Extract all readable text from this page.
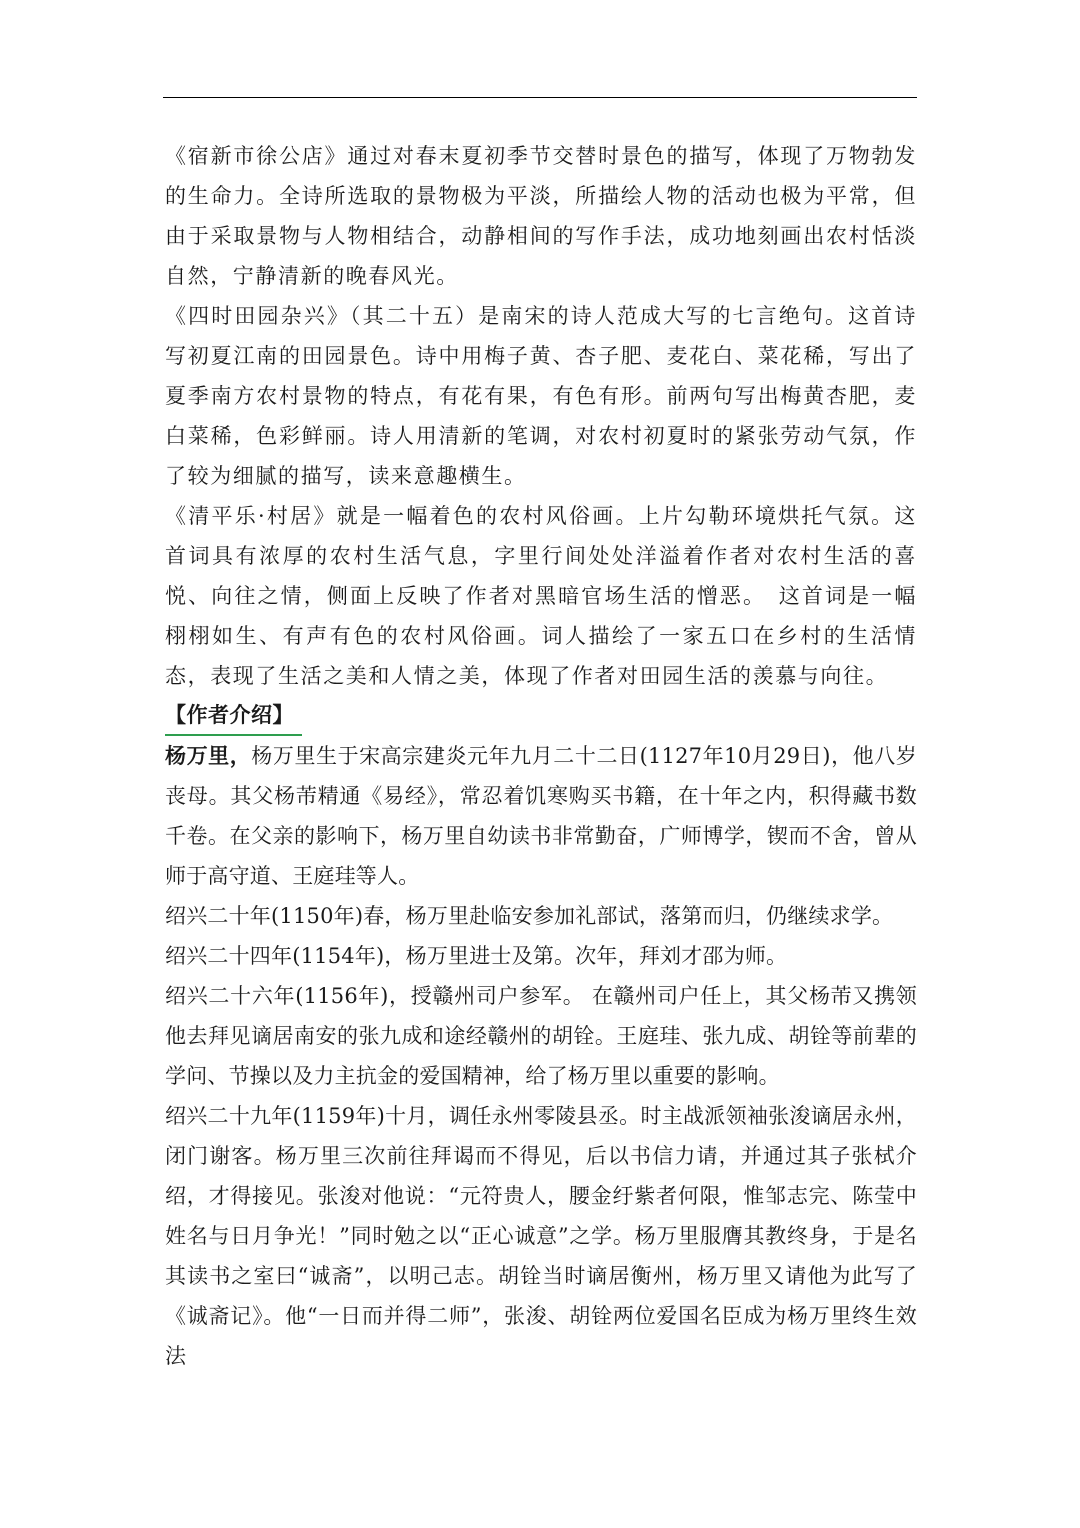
《宿新市徐公店》通过对春末夏初季节交替时景色的描写，体现了万物勃发的生命力。全诗所选取的景物极为平淡，所描绘人物的活动也极为平常，但由于采取景物与人物相结合，动静相间的写作手法，成功地刻画出农村恬淡自然，宁静清新的晚春风光。

《四时田园杂兴》（其二十五）是南宋的诗人范成大写的七言绝句。这首诗写初夏江南的田园景色。诗中用梅子黄、杏子肥、麦花白、菜花稀，写出了夏季南方农村景物的特点，有花有果，有色有形。前两句写出梅黄杏肥，麦白菜稀，色彩鲜丽。诗人用清新的笔调，对农村初夏时的紧张劳动气氛，作了较为细腻的描写，读来意趣横生。

《清平乐·村居》就是一幅着色的农村风俗画。上片勾勒环境烘托气氛。这首词具有浓厚的农村生活气息，字里行间处处洋溢着作者对农村生活的喜悦、向往之情，侧面上反映了作者对黑暗官场生活的憎恶。　这首词是一幅栩栩如生、有声有色的农村风俗画。词人描绘了一家五口在乡村的生活情态，表现了生活之美和人情之美，体现了作者对田园生活的羡慕与向往。

【作者介绍】

杨万里，杨万里生于宋高宗建炎元年九月二十二日(1127年10月29日)，他八岁丧母。其父杨芾精通《易经》，常忍着饥寒购买书籍，在十年之内，积得藏书数千卷。在父亲的影响下，杨万里自幼读书非常勤奋，广师博学，锲而不舍，曾从师于高守道、王庭珪等人。

绍兴二十年(1150年)春，杨万里赴临安参加礼部试，落第而归，仍继续求学。

绍兴二十四年(1154年)，杨万里进士及第。次年，拜刘才邵为师。

绍兴二十六年(1156年)，授赣州司户参军。 在赣州司户任上，其父杨芾又携领他去拜见谪居南安的张九成和途经赣州的胡铨。王庭珪、张九成、胡铨等前辈的学问、节操以及力主抗金的爱国精神，给了杨万里以重要的影响。

绍兴二十九年(1159年)十月，调任永州零陵县丞。时主战派领袖张浚谪居永州，闭门谢客。杨万里三次前往拜谒而不得见，后以书信力请，并通过其子张栻介绍，才得接见。张浚对他说：“元符贵人，腰金纡紫者何限，惟邹志完、陈莹中姓名与日月争光！”同时勉之以“正心诚意”之学。杨万里服膺其教终身，于是名其读书之室曰“诚斋”，以明己志。胡铨当时谪居衡州，杨万里又请他为此写了《诚斋记》。他“一日而并得二师”，张浚、胡铨两位爱国名臣成为杨万里终生效法
